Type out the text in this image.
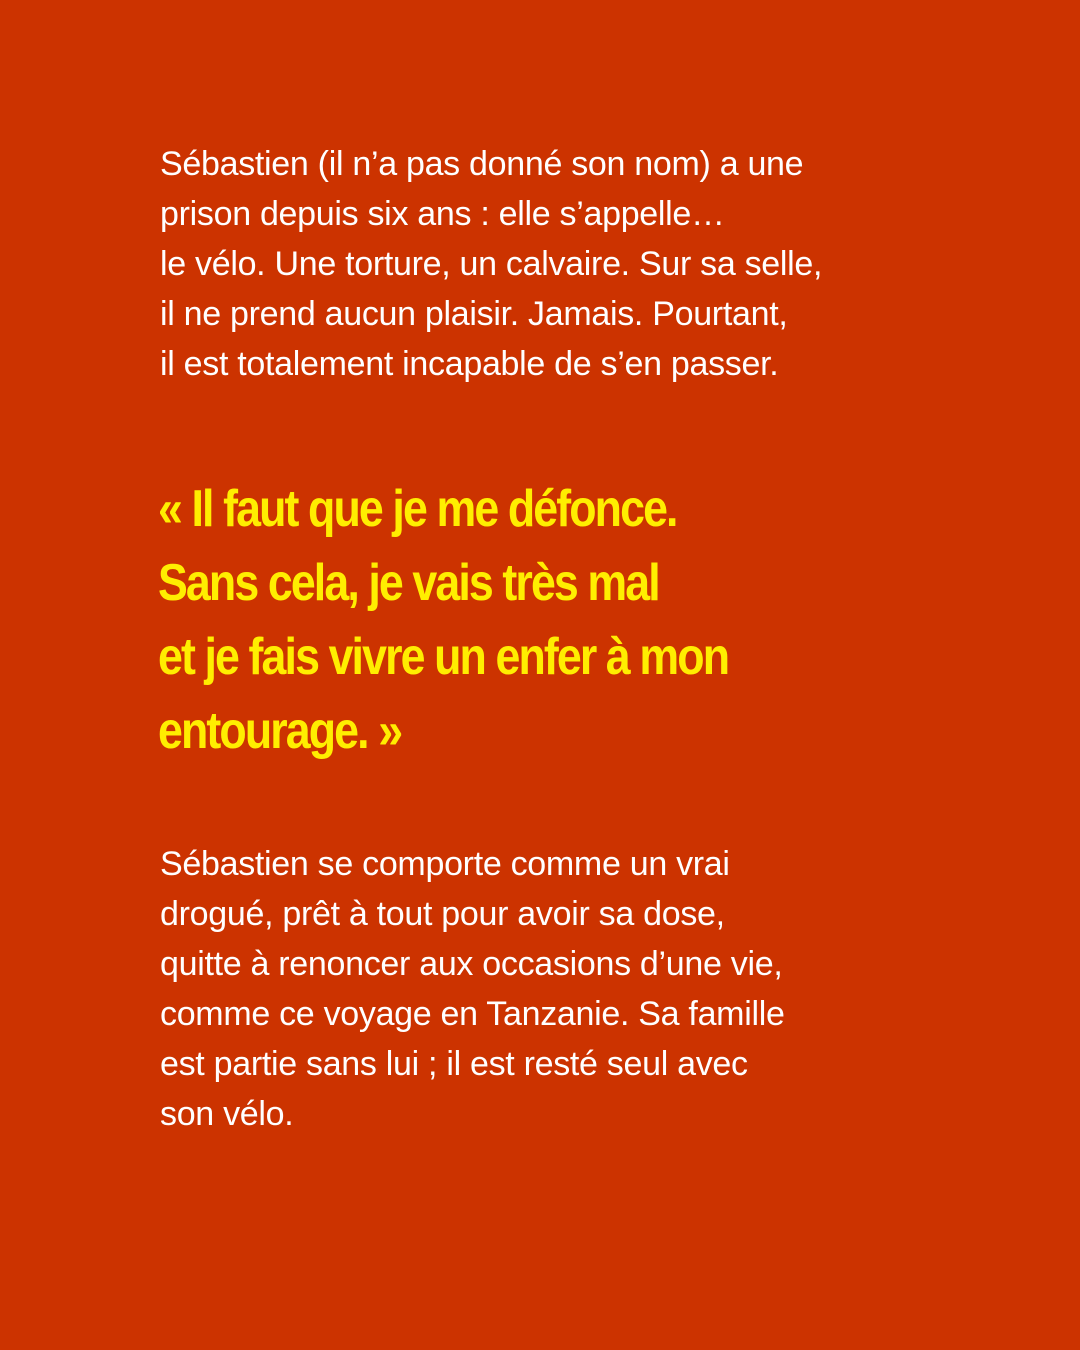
Sébastien (il n’a pas donné son nom) a une
prison depuis six ans : elle s’appelle…
le vélo. Une torture, un calvaire. Sur sa selle,
il ne prend aucun plaisir. Jamais. Pourtant,
il est totalement incapable de s’en passer.

« Il faut que je me défonce.
Sans cela, je vais très mal
et je fais vivre un enfer à mon
entourage. »

Sébastien se comporte comme un vrai
drogué, prêt à tout pour avoir sa dose,
quitte à renoncer aux occasions d’une vie,
comme ce voyage en Tanzanie. Sa famille
est partie sans lui ; il est resté seul avec
son vélo.
